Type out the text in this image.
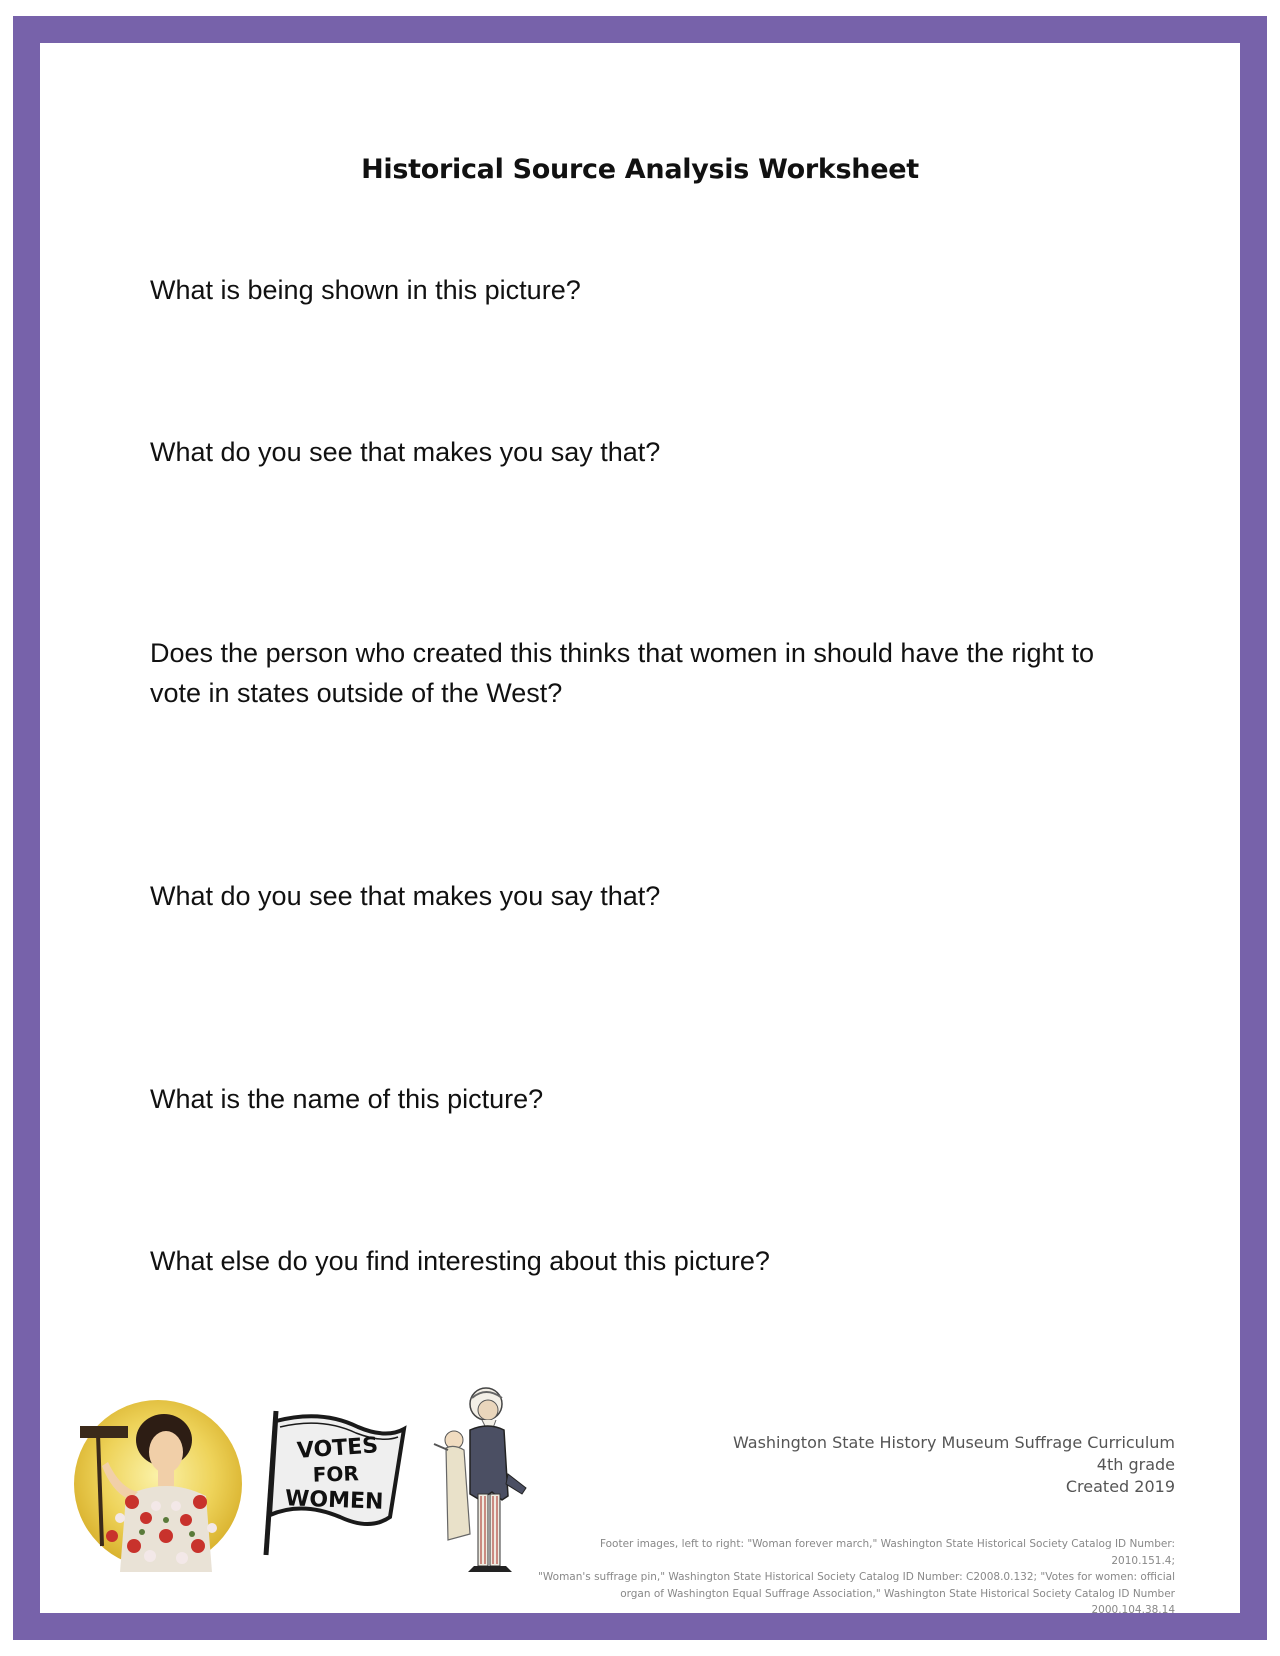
Historical Source Analysis Worksheet
What is being shown in this picture?
What do you see that makes you say that?
Does the person who created this thinks that women in should have the right to vote in states outside of the West?
What do you see that makes you say that?
What is the name of this picture?
What else do you find interesting about this picture?
VOTES
FOR
WOMEN
Washington State History Museum Suffrage Curriculum
4th grade
Created 2019
Footer images, left to right: "Woman forever march," Washington State Historical Society Catalog ID Number: 2010.151.4;
"Woman's suffrage pin," Washington State Historical Society Catalog ID Number: C2008.0.132; "Votes for women: official
organ of Washington Equal Suffrage Association," Washington State Historical Society Catalog ID Number 2000.104.38.14
